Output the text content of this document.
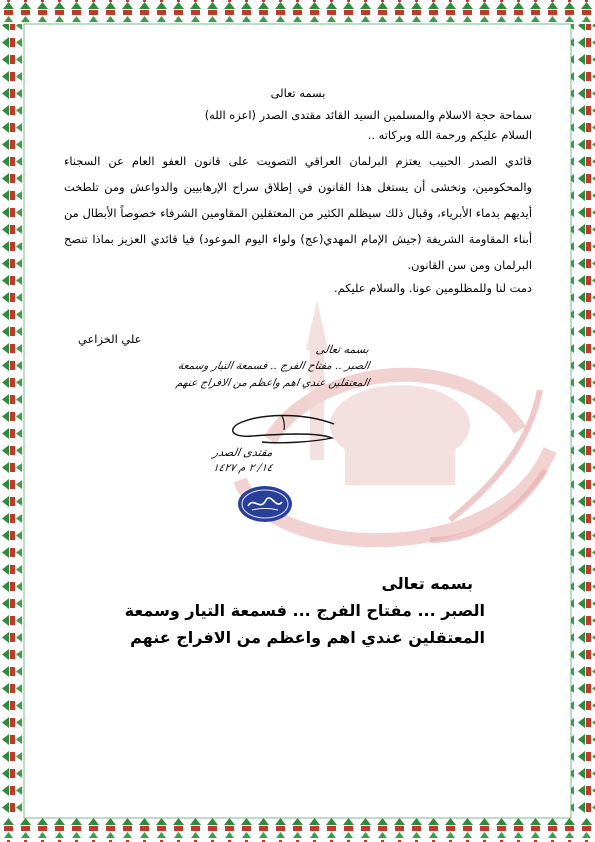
بسمه تعالى

سماحة حجة الاسلام والمسلمين السيد القائد مقتدى الصدر (اعزه الله)

السلام عليكم ورحمة الله وبركاته ..

قائدي الصدر الحبيب يعتزم البرلمان العراقي التصويت على قانون العفو العام عن السجناء والمحكومين، ونخشى أن يستغل هذا القانون في إطلاق سراح الإرهابيين والدواعش ومن تلطخت أيديهم بدماء الأبرياء، وقبال ذلك سيظلم الكثير من المعتقلين المقاومين الشرفاء خصوصاً الأبطال من أبناء المقاومة الشريفة (جيش الإمام المهدي(عج) ولواء اليوم الموعود) فيا قائدي العزيز بماذا تنصح البرلمان ومن سن القانون.

دمت لنا وللمظلومين عونا. والسلام عليكم.

علي الخزاعي
بسمه تعالى
الصبر .. مفتاح الفرج .. فسمعة التيار وسمعة
المعتقلين عندي اهم واعظم من الافراج عنهم
مقتدى الصدر
١٤/ ٢ م ١٤٢٧
بسمه تعالى
الصبر ... مفتاح الفرج ... فسمعة التيار وسمعة
المعتقلين عندي اهم واعظم من الافراج عنهم
